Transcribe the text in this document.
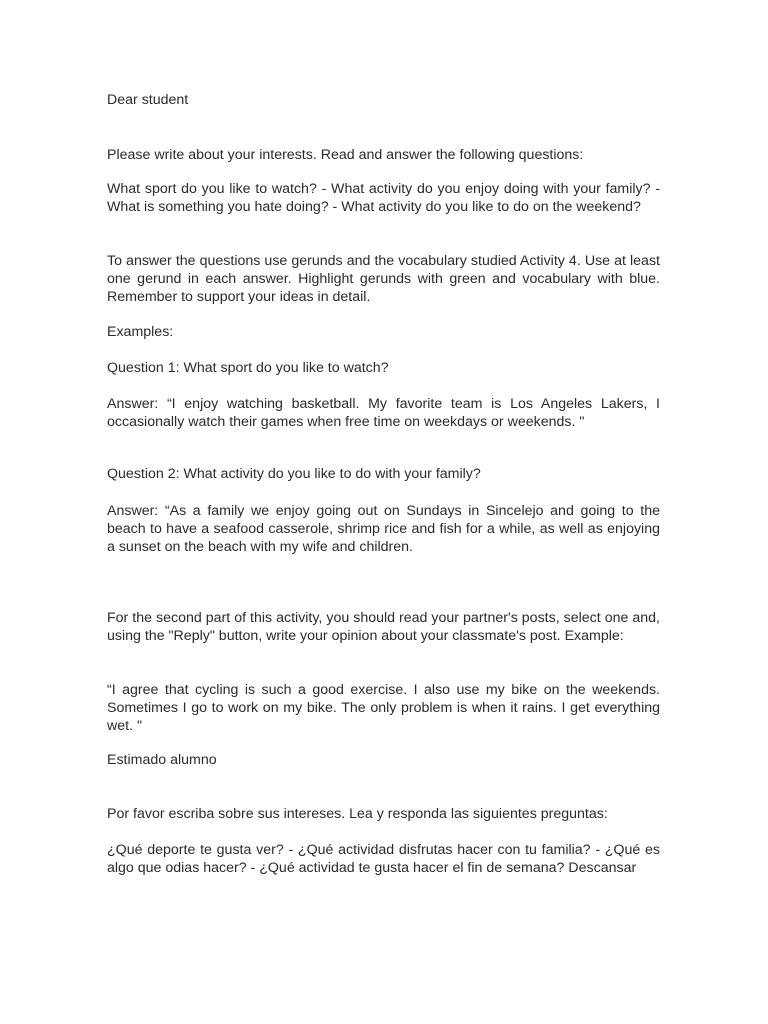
Dear student

Please write about your interests. Read and answer the following questions:

What sport do you like to watch? - What activity do you enjoy doing with your family? - What is something you hate doing? - What activity do you like to do on the weekend?

To answer the questions use gerunds and the vocabulary studied Activity 4. Use at least one gerund in each answer. Highlight gerunds with green and vocabulary with blue. Remember to support your ideas in detail.

Examples:

Question 1: What sport do you like to watch?

Answer: “I enjoy watching basketball. My favorite team is Los Angeles Lakers, I occasionally watch their games when free time on weekdays or weekends. "

Question 2: What activity do you like to do with your family?

Answer: “As a family we enjoy going out on Sundays in Sincelejo and going to the beach to have a seafood casserole, shrimp rice and fish for a while, as well as enjoying a sunset on the beach with my wife and children.

For the second part of this activity, you should read your partner's posts, select one and, using the "Reply" button, write your opinion about your classmate's post. Example:

“I agree that cycling is such a good exercise. I also use my bike on the weekends. Sometimes I go to work on my bike. The only problem is when it rains. I get everything wet. "

Estimado alumno

Por favor escriba sobre sus intereses. Lea y responda las siguientes preguntas:

¿Qué deporte te gusta ver? - ¿Qué actividad disfrutas hacer con tu familia? - ¿Qué es algo que odias hacer? - ¿Qué actividad te gusta hacer el fin de semana? Descansar
